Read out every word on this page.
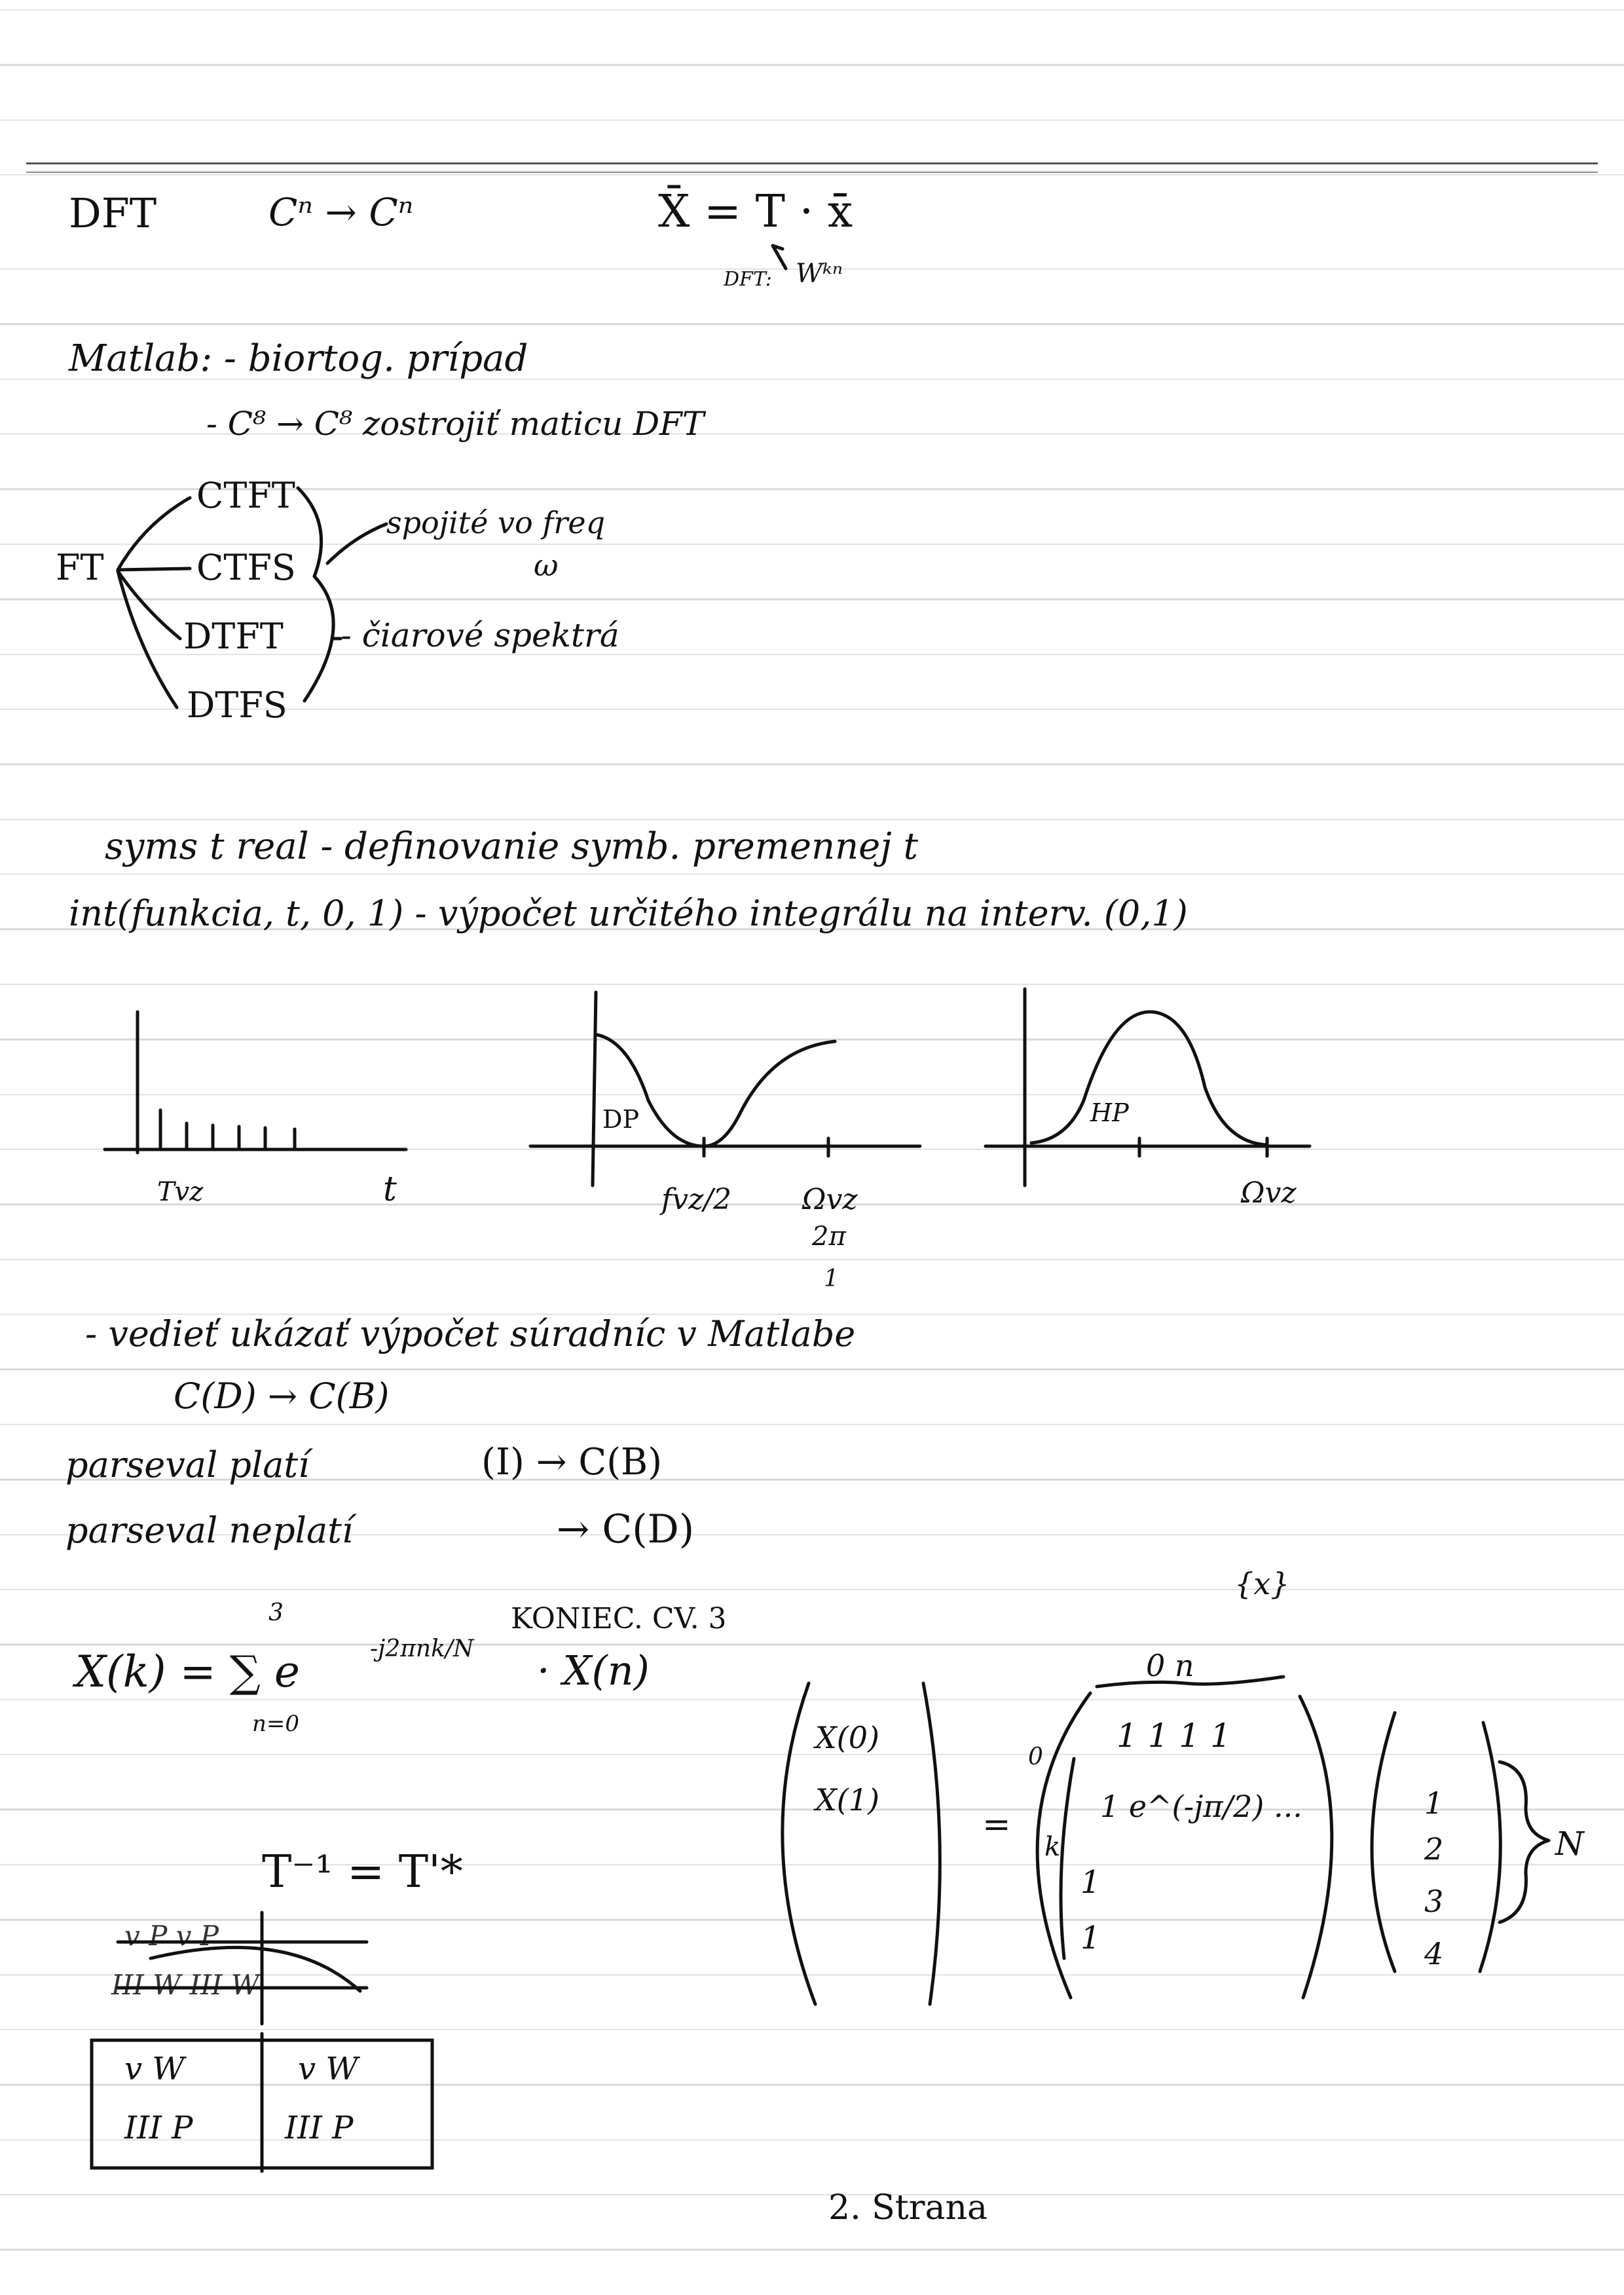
DFT	Cⁿ → Cⁿ	X̄ = T · x̄
DFT: Wᵏⁿ
Matlab: - biortog. prípad
- C⁸ → C⁸ zostrojiť maticu DFT
FT
CTFT
CTFS
DTFT
DTFS
spojité vo freq
ω
- čiarové spektrá
syms t real - definovanie symb. premennej t
int(funkcia, t, 0, 1) - výpočet určitého integrálu na interv. (0,1)
Tvz	t
DP
fvz/2 Ωvz
2π
1
HP
Ωvz
- vedieť ukázať výpočet súradníc v Matlabe
C(D) → C(B)
parseval platí	(I) → C(B)
parseval neplatí	→ C(D)
3
X(k) = ∑ e	-j2πnk/N · X(n)
n=0
KONIEC. CV. 3
0 n
{x}
X(0)
X(1)
=
0
1 1 1 1
1 e^(-jπ/2) ...
1
1
k
1
2
3
4
N
T⁻¹ = T'*
v P v P
III W III W
v W	v W
III P	III P
2. Strana
